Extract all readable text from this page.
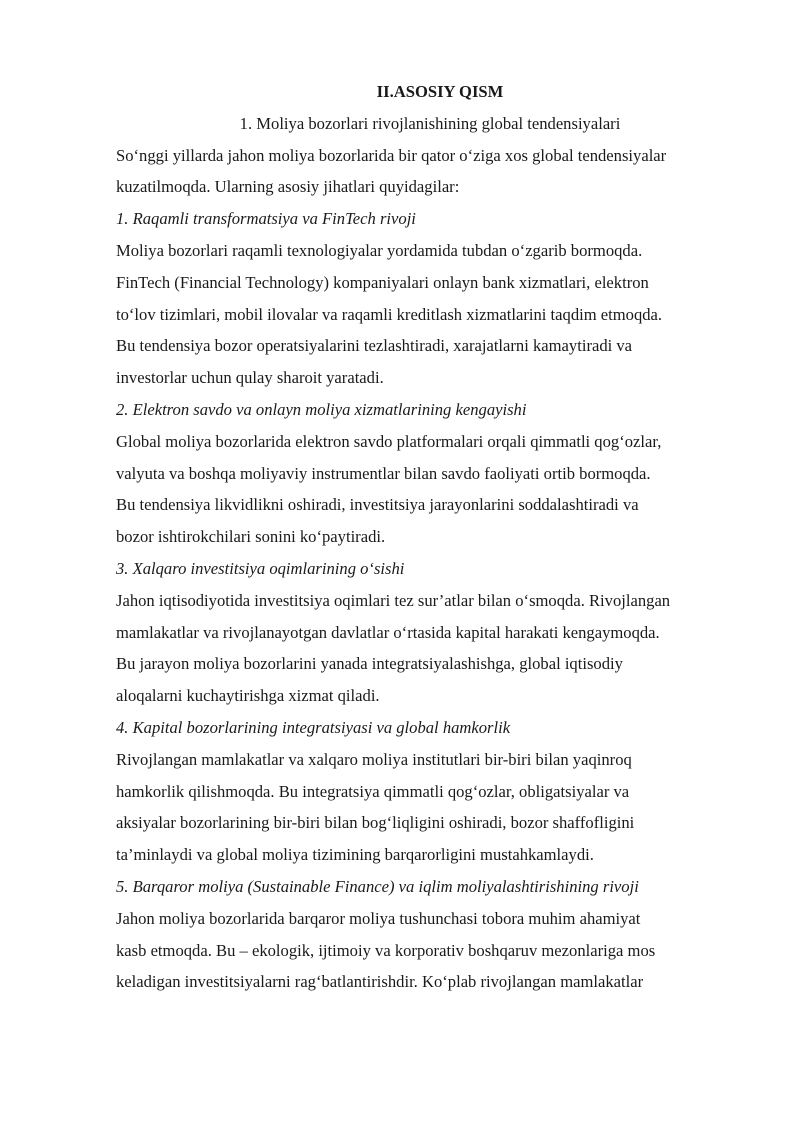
II.ASOSIY QISM
1. Moliya bozorlari rivojlanishining global tendensiyalari
So‘nggi yillarda jahon moliya bozorlarida bir qator o‘ziga xos global tendensiyalar
kuzatilmoqda. Ularning asosiy jihatlari quyidagilar:
1. Raqamli transformatsiya va FinTech rivoji
Moliya bozorlari raqamli texnologiyalar yordamida tubdan o‘zgarib bormoqda.
FinTech (Financial Technology) kompaniyalari onlayn bank xizmatlari, elektron
to‘lov tizimlari, mobil ilovalar va raqamli kreditlash xizmatlarini taqdim etmoqda.
Bu tendensiya bozor operatsiyalarini tezlashtiradi, xarajatlarni kamaytiradi va
investorlar uchun qulay sharoit yaratadi.
2. Elektron savdo va onlayn moliya xizmatlarining kengayishi
Global moliya bozorlarida elektron savdo platformalari orqali qimmatli qog‘ozlar,
valyuta va boshqa moliyaviy instrumentlar bilan savdo faoliyati ortib bormoqda.
Bu tendensiya likvidlikni oshiradi, investitsiya jarayonlarini soddalashtiradi va
bozor ishtirokchilari sonini ko‘paytiradi.
3. Xalqaro investitsiya oqimlarining o‘sishi
Jahon iqtisodiyotida investitsiya oqimlari tez sur’atlar bilan o‘smoqda. Rivojlangan
mamlakatlar va rivojlanayotgan davlatlar o‘rtasida kapital harakati kengaymoqda.
Bu jarayon moliya bozorlarini yanada integratsiyalashishga, global iqtisodiy
aloqalarni kuchaytirishga xizmat qiladi.
4. Kapital bozorlarining integratsiyasi va global hamkorlik
Rivojlangan mamlakatlar va xalqaro moliya institutlari bir-biri bilan yaqinroq
hamkorlik qilishmoqda. Bu integratsiya qimmatli qog‘ozlar, obligatsiyalar va
aksiyalar bozorlarining bir-biri bilan bog‘liqligini oshiradi, bozor shaffofligini
ta’minlaydi va global moliya tizimining barqarorligini mustahkamlaydi.
5. Barqaror moliya (Sustainable Finance) va iqlim moliyalashtirishining rivoji
Jahon moliya bozorlarida barqaror moliya tushunchasi tobora muhim ahamiyat
kasb etmoqda. Bu – ekologik, ijtimoiy va korporativ boshqaruv mezonlariga mos
keladigan investitsiyalarni rag‘batlantirishdir. Ko‘plab rivojlangan mamlakatlar
